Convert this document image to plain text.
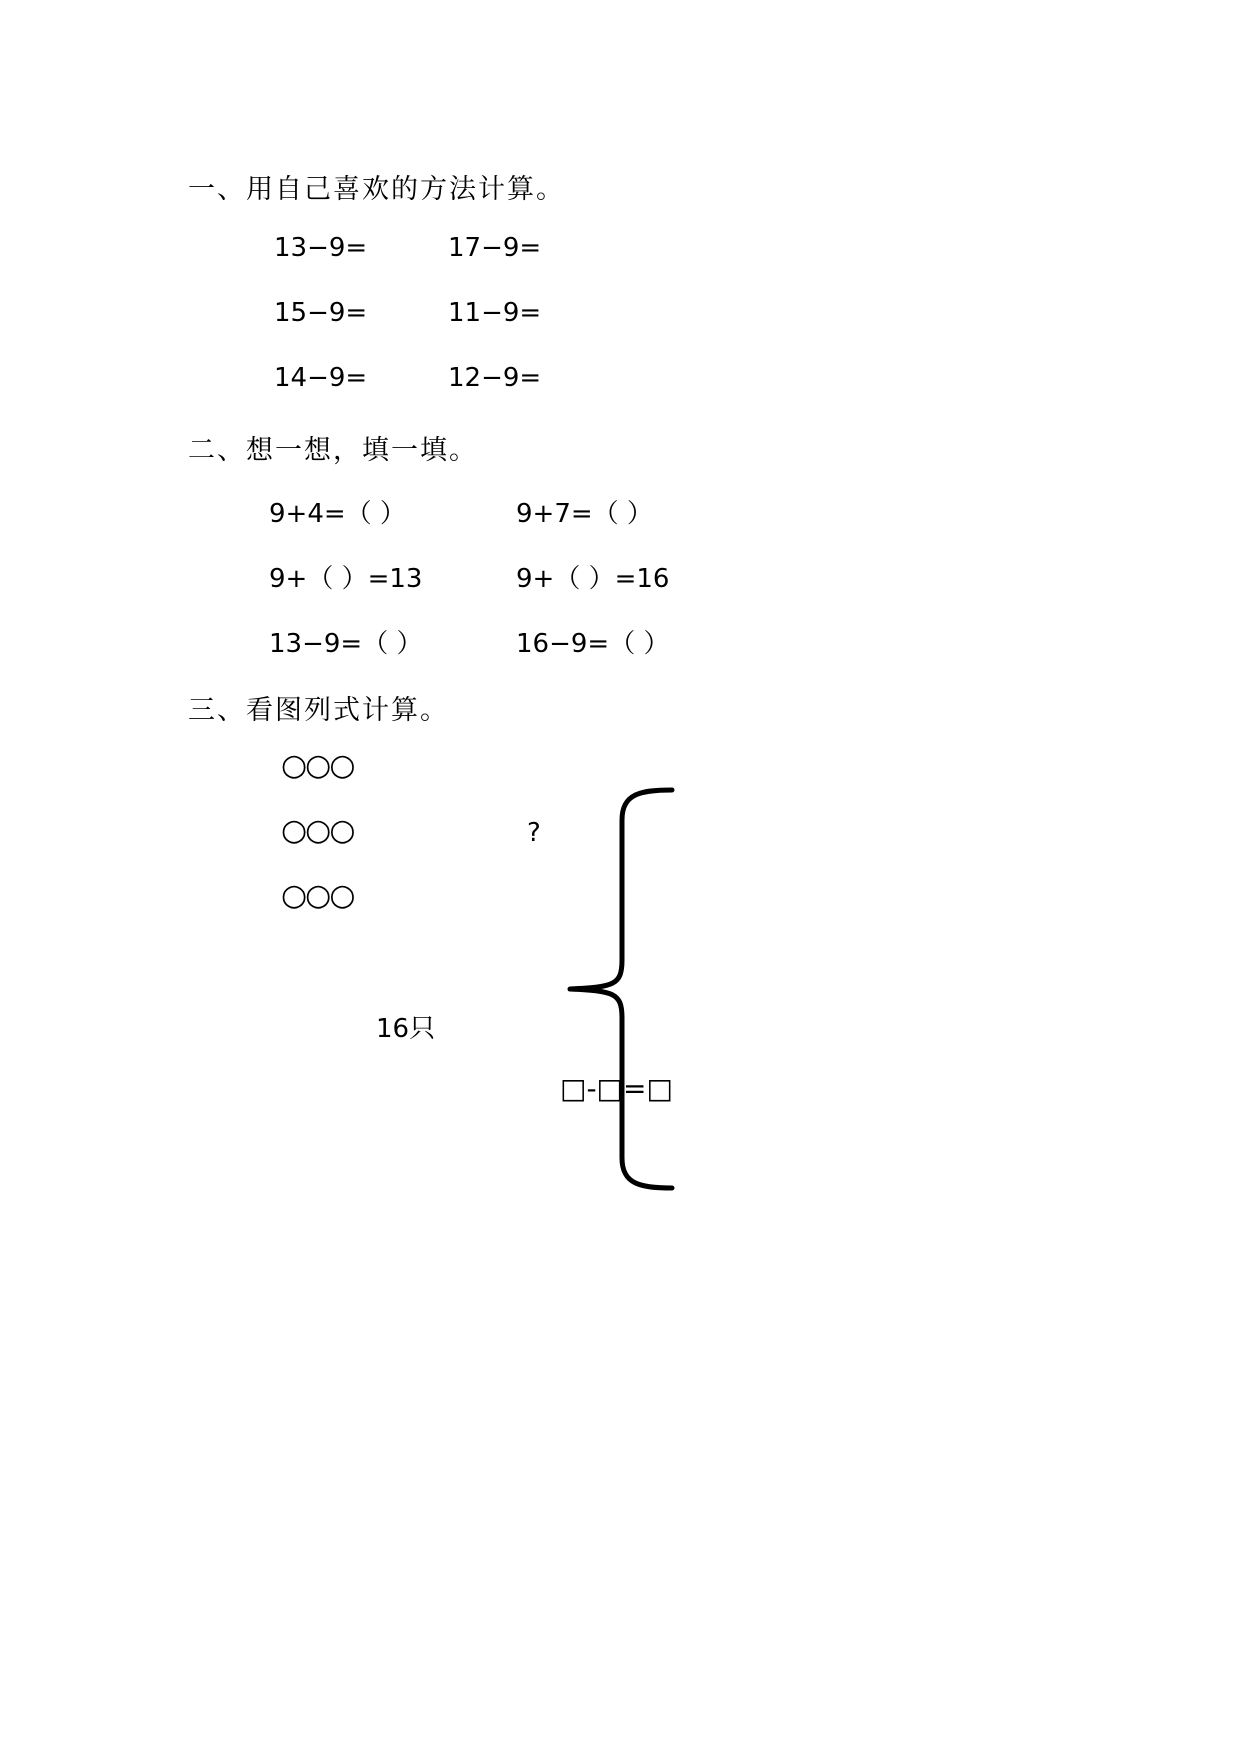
一、用自己喜欢的方法计算。
13−9=	17−9=
15−9=	11−9=
14−9=	12−9=
二、想一想，填一填。
9+4=（ ）	9+7=（ ）
9+（ ）=13	9+（ ）=16
13−9=（ ）	16−9=（ ）
三、看图列式计算。
○○○
○○○
○○○
?
16只
□-□=□
